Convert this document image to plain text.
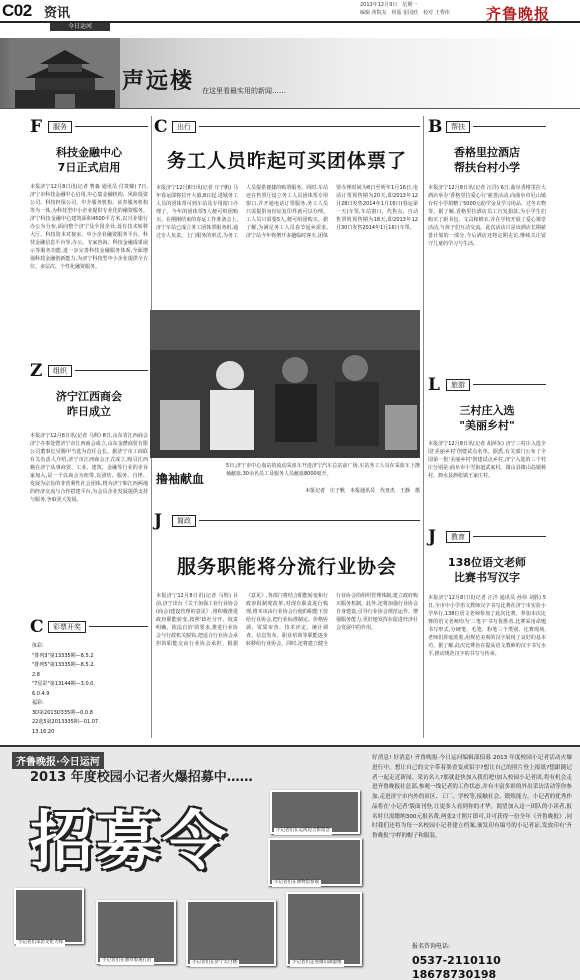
C02 资讯
今日运河
2013年12月9日　星期一
编辑 黄院友　组版 崔园欣　校对 王秀伟 齐鲁晚报
声远楼 在这里看最实用的新闻……
F	服务
科技金融中心
7日正式启用
本报济宁12月8日讯(记者 曹森 通讯员 付贵臻) 7日,济宁市科技金融中心启用,中心集金融机构、风险投资公司、科技担保公司、中介服务机构、证券服务机构等为一体,为科技型中小企业提供专业化的融资服务。济宁科技金融中心建筑面积4500平方米,以兴业银行办公为分布,面向整个济宁及全国企业,设有技术转移大厅、科技资本对接室、中小企业融资服务平台、科技金融信息平台等,办公、专家咨询、科技金融成果展示等服务功能,进一步完善科技金融服务体系,全面增强科技金融创新能力,为济宁科技型中小企业提供全方位、多层次、个性化融资服务。
Z	组织
济宁江西商会
昨日成立
本报济宁12月8日讯(记者 马辉) 8日,山东省江西商会济宁办事处暨济宁市江西商会成立,山东金瓒商贸有限公司董事长吴腾甲当选为首任会长。据济宁市工商联有关负责人介绍,济宁市江西商会正式成立,吸引江西籍在济宁从事商贸、工业、建筑、金融等行业的企业家加入,是一个以商会为纽带,以团结、服务、自律、发展为宗旨的非营利性社会团体,将为济宁和江西两地的经济交流与合作搭建平台,为会员企业发展提供支持与服务,争取更大发展。
C	彩票开奖
体彩:
"排列3"第13335期—8.5.2
"排列5"第13335期—8.5.2.
2.8
"7星彩"第13144期—3.0.0.
6.0.4.9
福彩:
3D第2013D335期—0.0.8
22选5第2013335期—01.07.
13.16.20
C	出行
务工人员昨起可买团体票了
本报济宁12月8日讯(记者 庄子帆) 马年春运即将拉开大幕,8日起,进城务工人员的团体票可到车站及专用窗口办理了。今年的团体票5人便可组团购买。在刚刚结束的春运工作准备会上,济宁车站已成立务工团体票服务组,通过专人负责、上门服务的形式,为务工人员提供便捷的购票服务。同时,车站还在售票厅设立务工人员团体票专用窗口,并开通电话订票服务,务工人员只需提供身份证复印件就可以办理。工人员只需要5人,便可组团购买。据了解,为满足务工人员春节返乡需求,济宁站今年将增开多趟临时客车,团体票办理时间为8日至明年1月16日,电话订票预售期为20天,即2013年12月28日发售2014年1月16日(春运第一天)车票,车站窗口、代售点、自动售票机预售期为18天,即2013年12月30日发售2014年1月16日车票。
撸袖献血
5日,济宁市中心血站的流动采血车开进济宁汽车总站前广场,车站务工人员在采血车上撸袖献血,30余名员工及服务人员献血8000毫升。
本报记者　庄子帆　本报通讯员　代亚杰　王静　摄
J	简政
服务职能将分流行业协会
本报济宁12月8日讯(记者 马辉) 目前,济宁出台《关于加强工业行业协会(商会)建设管理的意见》,将积极推进政府职能转变,按照'政社分开、权责明确、依法自治'的要求,推进行业协会与行政机关脱钩,把适合行业协会承担的职能交由行业协会承担。根据《意见》,各部门将结合职能转变和行政审批制度改革,对现有职责进行梳理,将本该由行业协会行使的职能下放给行业协会,把行业标准制定、价格协调、资质审查、技术评定、统计调查、信息发布、职业培训等职能逐步转移给行业协会。同时,还将建立健全行业协会的组织管理体制,建立政府购买服务机制。此外,还将加强行业协会自身建设,引导行业协会规范运作、增强服务能力,更好地发挥在促进经济社会发展中的作用。
B	帮扶
香格里拉酒店
帮扶台村小学
本报济宁12月8日讯(记者 汪洋) 6日,曲阜香格里拉大酒店举办'香格里拉爱心行'慈善活动,向曲阜市尼山镇台村小学捐赠了5000元助学金及学习用品、过冬衣物等。据了解,香格里拉酒店员工自发捐款,为小学生们购买了新书包、文具和棉衣,并在学校开展了爱心课堂活动,与孩子们互动交流。此次活动只是该酒店长期慈善计划的一部分,今后酒店还将定期走访,继续关注留守儿童的学习与生活。
L	旅游
三村庄入选
"美丽乡村"
本报济宁12月8日讯(记者 胡萍东) 济宁三村庄入选全国'美丽乡村'创建试点名单。据悉,有关部门公布了全国第一批'美丽乡村'创建试点乡村,济宁入选的三个村庄分别是:曲阜市小雪街道武家村、微山县微山岛镇杨村、泗水县泗张镇王家庄村。
J	教育
138位语文老师
比赛书写汉字
本报济宁12月8日讯(记者 汪洋 通讯员 孙伟 刘胜) 5日,全市中小学语文教师汉字书写比赛在济宁市实验小学举行,138位语文老师参加了此次比赛。参加本次比赛的语文老师均为'三笔字'书写优胜者,比赛采用命题书写形式,分硬笔、毛笔、粉笔三个类别。比赛现场,老师们挥毫泼墨,用规范美观的汉字展现了良好的基本功。据了解,此次比赛旨在提高语文教师的汉字书写水平,推动规范汉字的书写与传承。
齐鲁晚报·今日运河
2013 年度校园小记者火爆招募中……
招募令
小记者们采访文化大师
小记者们在曲阜参观孔府	小记者们在济宁太白楼	小记者们走进微山湖湿地
小记者们在运河边合影留念
小记者们在博物馆参观
好消息! 好消息! 齐鲁晚报·今日运河编辑部招募 2013 年度校园小记者活动火爆进行中。想让自己的文字带着墨香变成铅字?想让自己的照片登上报纸?想跟随记者一起走近新闻、采访名人?那就赶快加入我们吧!加入校园小记者团,将有机会走进齐鲁晚报社总部,参观一线记者的工作状态,并有丰富多彩的外出采访活动等你参加,走进济宁市内外的景区、工厂、学校等,接触社会、锻炼能力。小记者的优秀作品将在'小记者'版面刊登,让更多人看到你的才华。渴望加入这一团队的小读者,报名时只需缴纳300元报名费,两张2寸照片即可,并可获得一份全年《齐鲁晚报》,同时我们还将为每一名校园小记者建立档案,颁发印有编号的小记者证,发放印有'齐鲁晚报'字样的帽子和服装。
报名咨询电话:
0537-2110110　18678730198
